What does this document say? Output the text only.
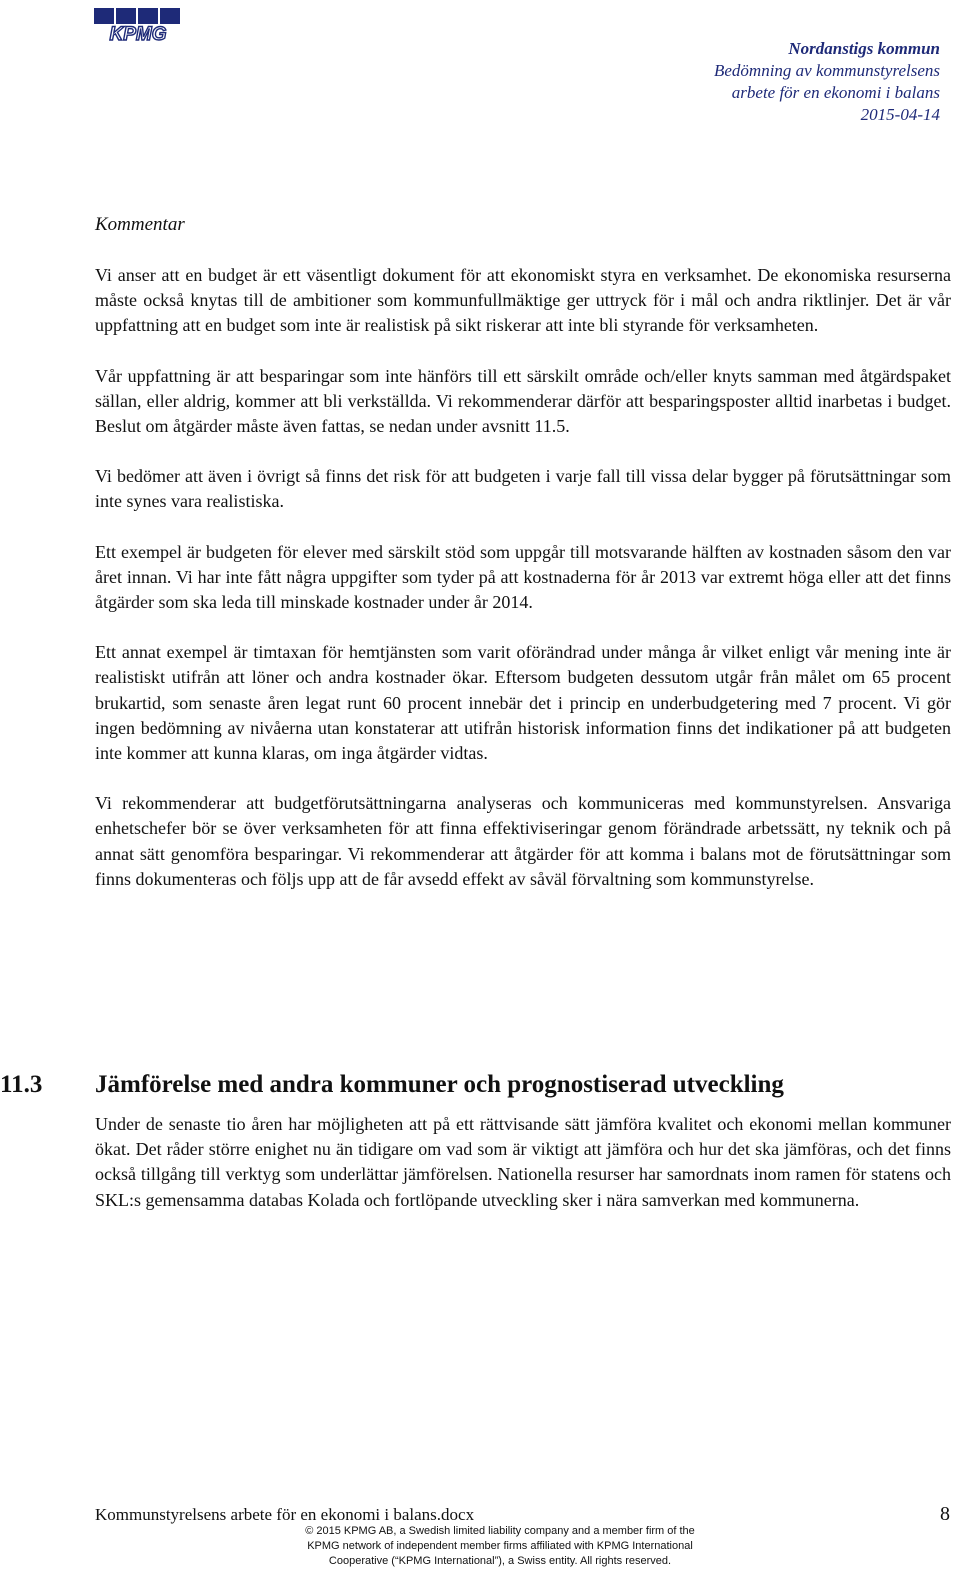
KPMG
Nordanstigs kommun
Bedömning av kommunstyrelsens
arbete för en ekonomi i balans
2015-04-14

Kommentar

Vi anser att en budget är ett väsentligt dokument för att ekonomiskt styra en verksamhet. De ekonomiska resurserna måste också knytas till de ambitioner som kommunfullmäktige ger uttryck för i mål och andra riktlinjer. Det är vår uppfattning att en budget som inte är realistisk på sikt riskerar att inte bli styrande för verksamheten.

Vår uppfattning är att besparingar som inte hänförs till ett särskilt område och/eller knyts samman med åtgärdspaket sällan, eller aldrig, kommer att bli verkställda. Vi rekommenderar därför att besparingsposter alltid inarbetas i budget. Beslut om åtgärder måste även fattas, se nedan under avsnitt 11.5.

Vi bedömer att även i övrigt så finns det risk för att budgeten i varje fall till vissa delar bygger på förutsättningar som inte synes vara realistiska.

Ett exempel är budgeten för elever med särskilt stöd som uppgår till motsvarande hälften av kostnaden såsom den var året innan. Vi har inte fått några uppgifter som tyder på att kostnaderna för år 2013 var extremt höga eller att det finns åtgärder som ska leda till minskade kostnader under år 2014.

Ett annat exempel är timtaxan för hemtjänsten som varit oförändrad under många år vilket enligt vår mening inte är realistiskt utifrån att löner och andra kostnader ökar. Eftersom budgeten dessutom utgår från målet om 65 procent brukartid, som senaste åren legat runt 60 procent innebär det i princip en underbudgetering med 7 procent. Vi gör ingen bedömning av nivåerna utan konstaterar att utifrån historisk information finns det indikationer på att budgeten inte kommer att kunna klaras, om inga åtgärder vidtas.

Vi rekommenderar att budgetförutsättningarna analyseras och kommuniceras med kommunstyrelsen. Ansvariga enhetschefer bör se över verksamheten för att finna effektiviseringar genom förändrade arbetssätt, ny teknik och på annat sätt genomföra besparingar. Vi rekommenderar att åtgärder för att komma i balans mot de förutsättningar som finns dokumenteras och följs upp att de får avsedd effekt av såväl förvaltning som kommunstyrelse.

11.3 Jämförelse med andra kommuner och prognostiserad utveckling

Under de senaste tio åren har möjligheten att på ett rättvisande sätt jämföra kvalitet och ekonomi mellan kommuner ökat. Det råder större enighet nu än tidigare om vad som är viktigt att jämföra och hur det ska jämföras, och det finns också tillgång till verktyg som underlättar jämförelsen. Nationella resurser har samordnats inom ramen för statens och SKL:s gemensamma databas Kolada och fortlöpande utveckling sker i nära samverkan med kommunerna.

Kommunstyrelsens arbete för en ekonomi i balans.docx	8
© 2015 KPMG AB, a Swedish limited liability company and a member firm of the
KPMG network of independent member firms affiliated with KPMG International
Cooperative (“KPMG International”), a Swiss entity. All rights reserved.
